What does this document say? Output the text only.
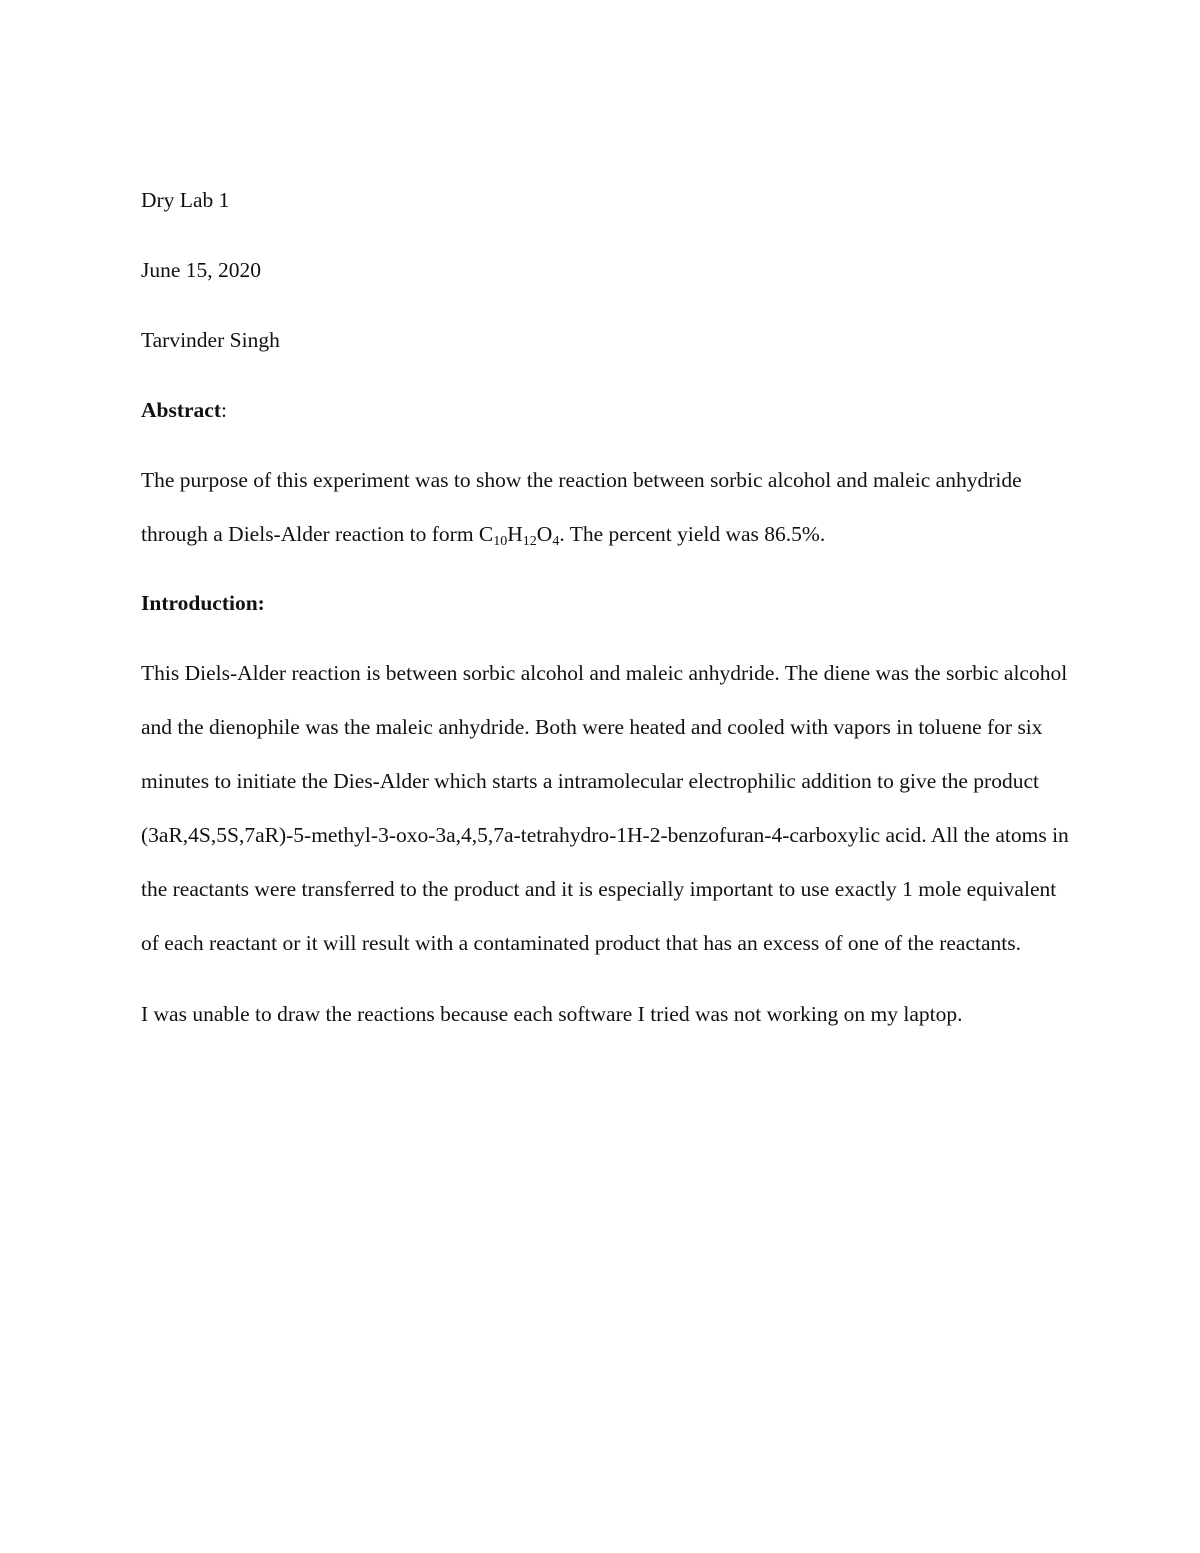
Dry Lab 1
June 15, 2020
Tarvinder Singh
Abstract:

The purpose of this experiment was to show the reaction between sorbic alcohol and maleic anhydride through a Diels-Alder reaction to form $C_{10}H_{12}O_4$. The percent yield was 86.5%.

Introduction:

This Diels-Alder reaction is between sorbic alcohol and maleic anhydride. The diene was the sorbic alcohol and the dienophile was the maleic anhydride. Both were heated and cooled with vapors in toluene for six minutes to initiate the Dies-Alder which starts a intramolecular electrophilic addition to give the product (3aR,4S,5S,7aR)-5-methyl-3-oxo-3a,4,5,7a-tetrahydro-1H-2-benzofuran-4-carboxylic acid. All the atoms in the reactants were transferred to the product and it is especially important to use exactly 1 mole equivalent of each reactant or it will result with a contaminated product that has an excess of one of the reactants.

I was unable to draw the reactions because each software I tried was not working on my laptop.
